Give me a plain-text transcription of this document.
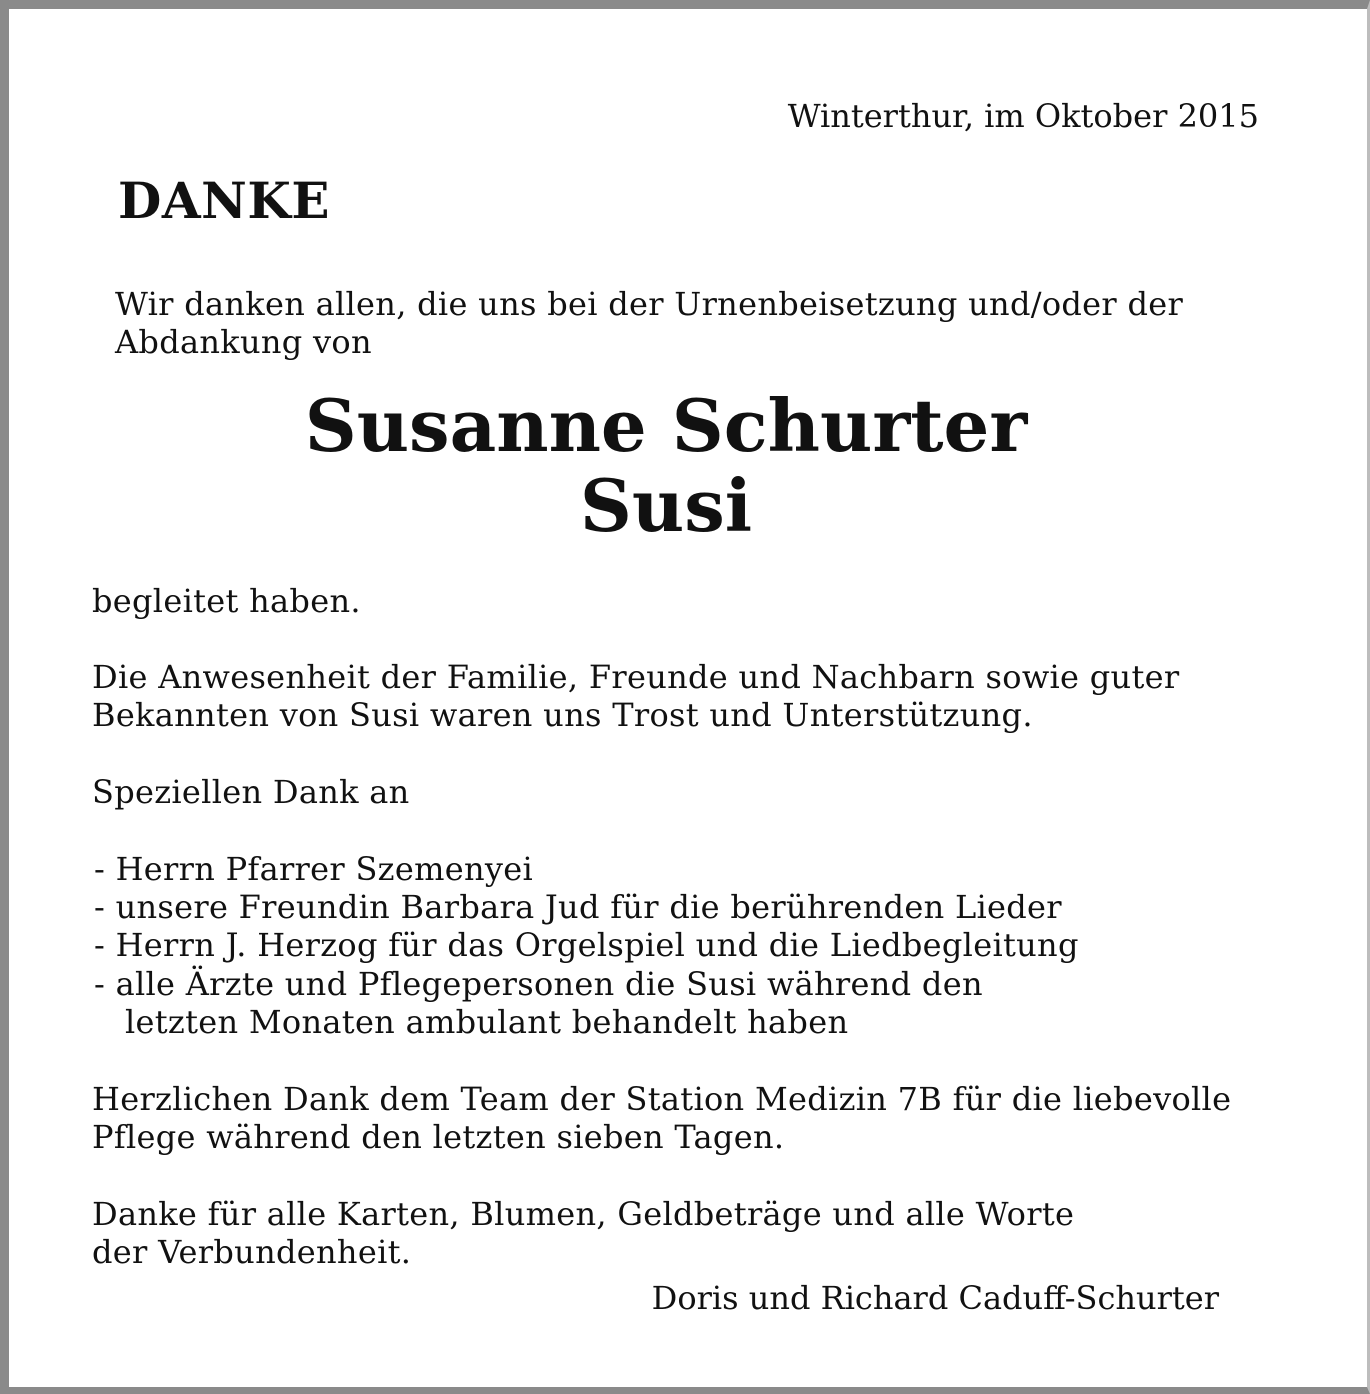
Winterthur, im Oktober 2015

DANKE

Wir danken allen, die uns bei der Urnenbeisetzung und/oder der

Abdankung von

Susanne Schurter

Susi

begleitet haben.

Die Anwesenheit der Familie, Freunde und Nachbarn sowie guter

Bekannten von Susi waren uns Trost und Unterstützung.

Speziellen Dank an

- Herrn Pfarrer Szemenyei

- unsere Freundin Barbara Jud für die berührenden Lieder

- Herrn J. Herzog für das Orgelspiel und die Liedbegleitung

- alle Ärzte und Pflegepersonen die Susi während den

letzten Monaten ambulant behandelt haben

Herzlichen Dank dem Team der Station Medizin 7B für die liebevolle

Pflege während den letzten sieben Tagen.

Danke für alle Karten, Blumen, Geldbeträge und alle Worte

der Verbundenheit.

Doris und Richard Caduff-Schurter
